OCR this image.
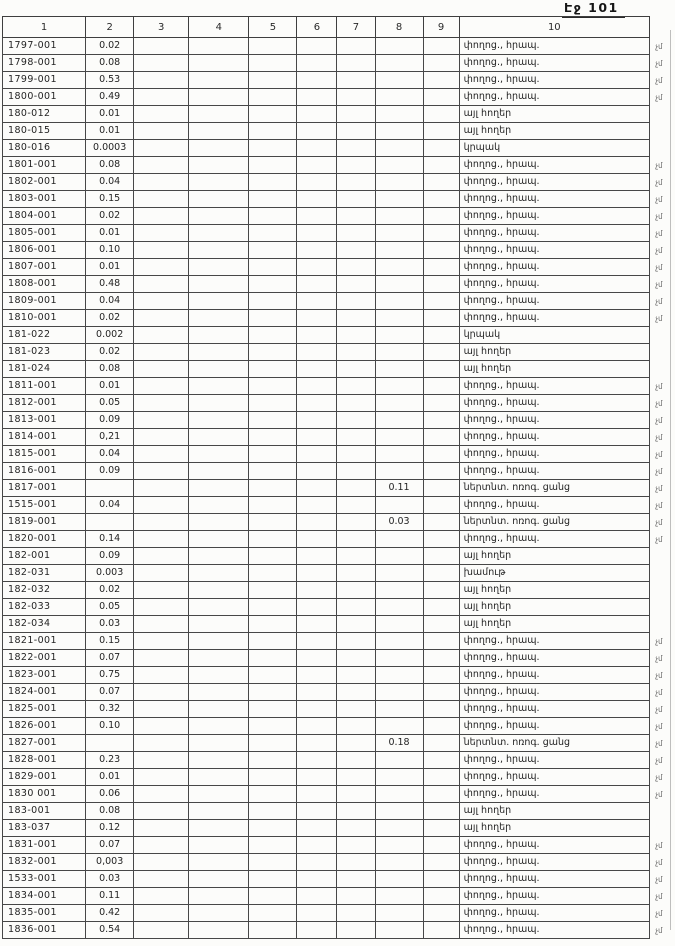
Էջ 101
1	2	3	4	5	6	7	8	9	10
1797-001	0.02								փողոց., հրապ.
1798-001	0.08								փողոց., հրապ.
1799-001	0.53								փողոց., հրապ.
1800-001	0.49								փողոց., հրապ.
180-012	0.01								այլ հողեր
180-015	0.01								այլ հողեր
180-016	0.0003								կրպակ
1801-001	0.08								փողոց., հրապ.
1802-001	0.04								փողոց., հրապ.
1803-001	0.15								փողոց., հրապ.
1804-001	0.02								փողոց., հրապ.
1805-001	0.01								փողոց., հրապ.
1806-001	0.10								փողոց., հրապ.
1807-001	0.01								փողոց., հրապ.
1808-001	0.48								փողոց., հրապ.
1809-001	0.04								փողոց., հրապ.
1810-001	0.02								փողոց., հրապ.
181-022	0.002								կրպակ
181-023	0.02								այլ հողեր
181-024	0.08								այլ հողեր
1811-001	0.01								փողոց., հրապ.
1812-001	0.05								փողոց., հրապ.
1813-001	0.09								փողոց., հրապ.
1814-001	0,21								փողոց., հրապ.
1815-001	0.04								փողոց., հրապ.
1816-001	0.09								փողոց., հրապ.
1817-001							0.11		ներտնտ. ոռոգ. ցանց
1515-001	0.04								փողոց., հրապ.
1819-001							0.03		ներտնտ. ոռոգ. ցանց
1820-001	0.14								փողոց., հրապ.
182-001	0.09								այլ հողեր
182-031	0.003								խամութ
182-032	0.02								այլ հողեր
182-033	0.05								այլ հողեր
182-034	0.03								այլ հողեր
1821-001	0.15								փողոց., հրապ.
1822-001	0.07								փողոց., հրապ.
1823-001	0.75								փողոց., հրապ.
1824-001	0.07								փողոց., հրապ.
1825-001	0.32								փողոց., հրապ.
1826-001	0.10								փողոց., հրապ.
1827-001							0.18		ներտնտ. ոռոգ. ցանց
1828-001	0.23								փողոց., հրապ.
1829-001	0.01								փողոց., հրապ.
1830 001	0.06								փողոց., հրապ.
183-001	0.08								այլ հողեր
183-037	0.12								այլ հողեր
1831-001	0.07								փողոց., հրապ.
1832-001	0,003								փողոց., հրապ.
1533-001	0.03								փողոց., հրապ.
1834-001	0.11								փողոց., հրապ.
1835-001	0.42								փողոց., հրապ.
1836-001	0.54								փողոց., հրապ.
չմ
չմ
չմ
չմ
չմ
չմ
չմ
չմ
չմ
չմ
չմ
չմ
չմ
չմ
չմ
չմ
չմ
չմ
չմ
չմ
չմ
չմ
չմ
չմ
չմ
չմ
չմ
չմ
չմ
չմ
չմ
չմ
չմ
չմ
չմ
չմ
չմ
չմ
չմ
չմ
